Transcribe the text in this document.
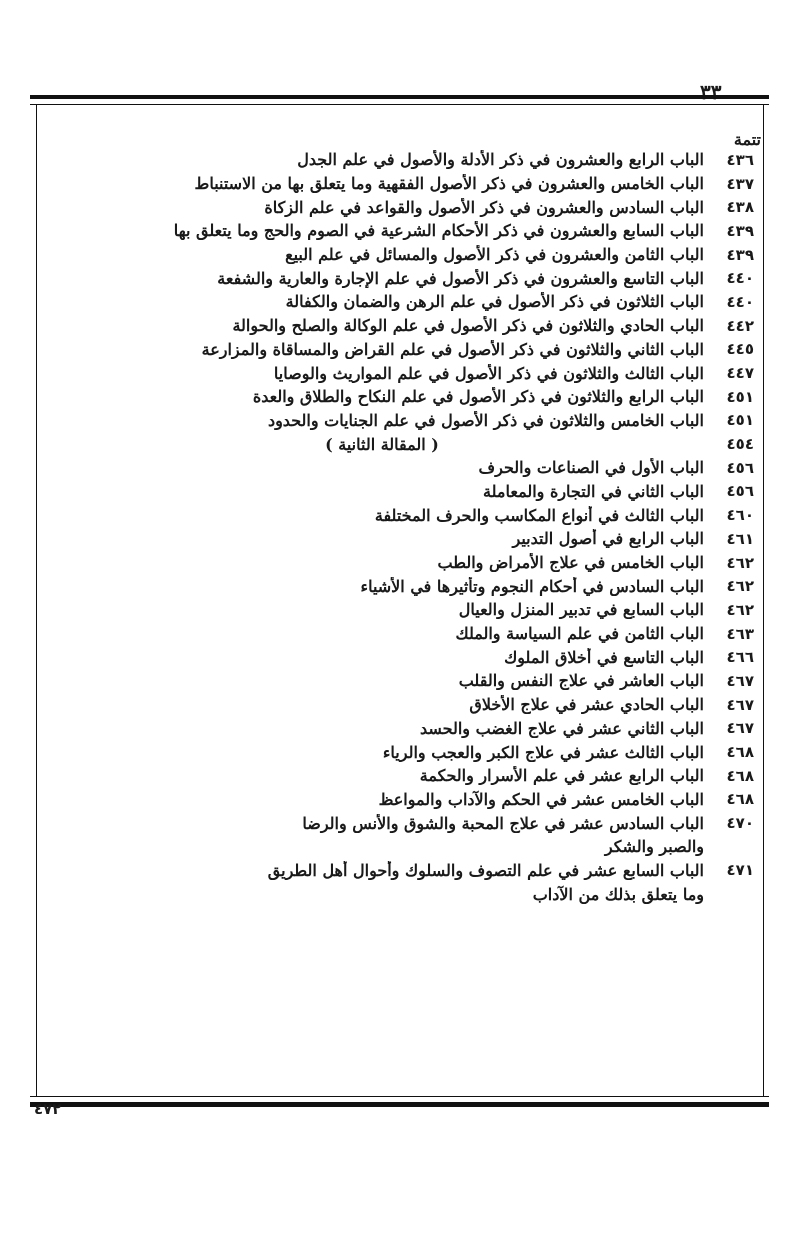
٣٣
تتمة
٤٣٦
الباب الرابع والعشرون في ذكر الأدلة والأصول في علم الجدل
٤٣٧
الباب الخامس والعشرون في ذكر الأصول الفقهية وما يتعلق بها من الاستنباط
٤٣٨
الباب السادس والعشرون في ذكر الأصول والقواعد في علم الزكاة
٤٣٩
الباب السابع والعشرون في ذكر الأحكام الشرعية في الصوم والحج وما يتعلق بها
٤٣٩
الباب الثامن والعشرون في ذكر الأصول والمسائل في علم البيع
٤٤٠
الباب التاسع والعشرون في ذكر الأصول في علم الإجارة والعارية والشفعة
٤٤٠
الباب الثلاثون في ذكر الأصول في علم الرهن والضمان والكفالة
٤٤٢
الباب الحادي والثلاثون في ذكر الأصول في علم الوكالة والصلح والحوالة
٤٤٥
الباب الثاني والثلاثون في ذكر الأصول في علم القراض والمساقاة والمزارعة
٤٤٧
الباب الثالث والثلاثون في ذكر الأصول في علم المواريث والوصايا
٤٥١
الباب الرابع والثلاثون في ذكر الأصول في علم النكاح والطلاق والعدة
٤٥١
الباب الخامس والثلاثون في ذكر الأصول في علم الجنايات والحدود
٤٥٤
( المقالة الثانية )
٤٥٦
الباب الأول في الصناعات والحرف
٤٥٦
الباب الثاني في التجارة والمعاملة
٤٦٠
الباب الثالث في أنواع المكاسب والحرف المختلفة
٤٦١
الباب الرابع في أصول التدبير
٤٦٢
الباب الخامس في علاج الأمراض والطب
٤٦٢
الباب السادس في أحكام النجوم وتأثيرها في الأشياء
٤٦٢
الباب السابع في تدبير المنزل والعيال
٤٦٣
الباب الثامن في علم السياسة والملك
٤٦٦
الباب التاسع في أخلاق الملوك
٤٦٧
الباب العاشر في علاج النفس والقلب
٤٦٧
الباب الحادي عشر في علاج الأخلاق
٤٦٧
الباب الثاني عشر في علاج الغضب والحسد
٤٦٨
الباب الثالث عشر في علاج الكبر والعجب والرياء
٤٦٨
الباب الرابع عشر في علم الأسرار والحكمة
٤٦٨
الباب الخامس عشر في الحكم والآداب والمواعظ
٤٧٠
الباب السادس عشر في علاج المحبة والشوق والأنس والرضا
والصبر والشكر
٤٧١
الباب السابع عشر في علم التصوف والسلوك وأحوال أهل الطريق
وما يتعلق بذلك من الآداب
٤٧٢
